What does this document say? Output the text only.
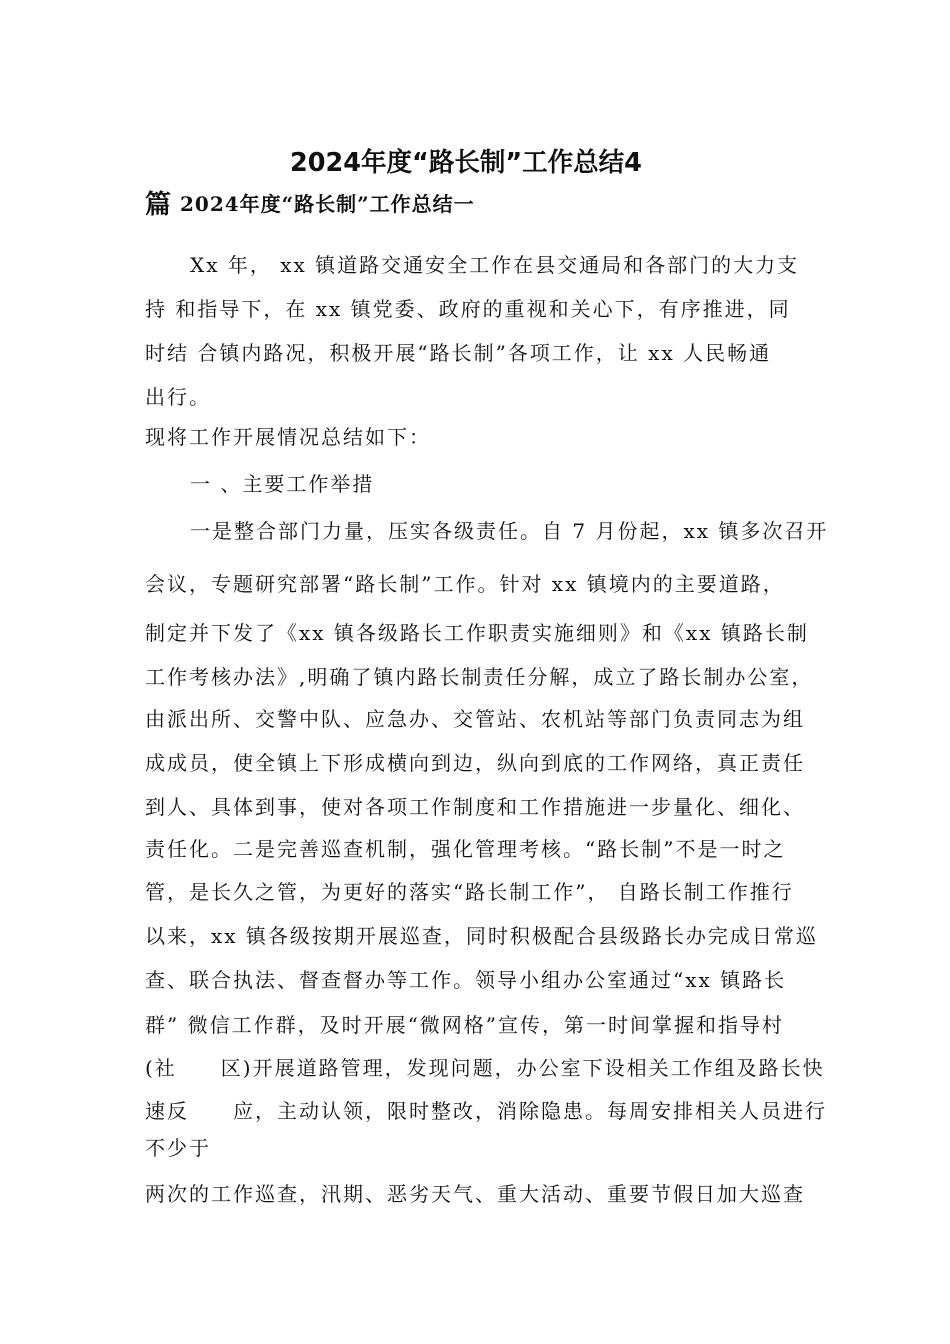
2024年度“路长制”工作总结4
篇 2024年度“路长制”工作总结一
Xx 年， xx 镇道路交通安全工作在县交通局和各部门的大力支
持 和指导下，在 xx 镇党委、政府的重视和关心下，有序推进，同
时结 合镇内路况，积极开展“路长制”各项工作，让 xx 人民畅通
出行。
现将工作开展情况总结如下：
一 、主要工作举措
一是整合部门力量，压实各级责任。自 7 月份起，xx 镇多次召开
会议，专题研究部署“路长制”工作。针对 xx 镇境内的主要道路，
制定并下发了《xx 镇各级路长工作职责实施细则》和《xx 镇路长制
工作考核办法》,明确了镇内路长制责任分解，成立了路长制办公室，
由派出所、交警中队、应急办、交管站、农机站等部门负责同志为组
成成员，使全镇上下形成横向到边，纵向到底的工作网络，真正责任
到人、具体到事，使对各项工作制度和工作措施进一步量化、细化、
责任化。二是完善巡查机制，强化管理考核。“路长制”不是一时之
管，是长久之管，为更好的落实“路长制工作”， 自路长制工作推行
以来，xx 镇各级按期开展巡查，同时积极配合县级路长办完成日常巡
查、联合执法、督查督办等工作。领导小组办公室通过“xx 镇路长
群” 微信工作群，及时开展“微网格”宣传，第一时间掌握和指导村
(社　　区)开展道路管理，发现问题，办公室下设相关工作组及路长快
速反　　应，主动认领，限时整改，消除隐患。每周安排相关人员进行
不少于
两次的工作巡查，汛期、恶劣天气、重大活动、重要节假日加大巡查
